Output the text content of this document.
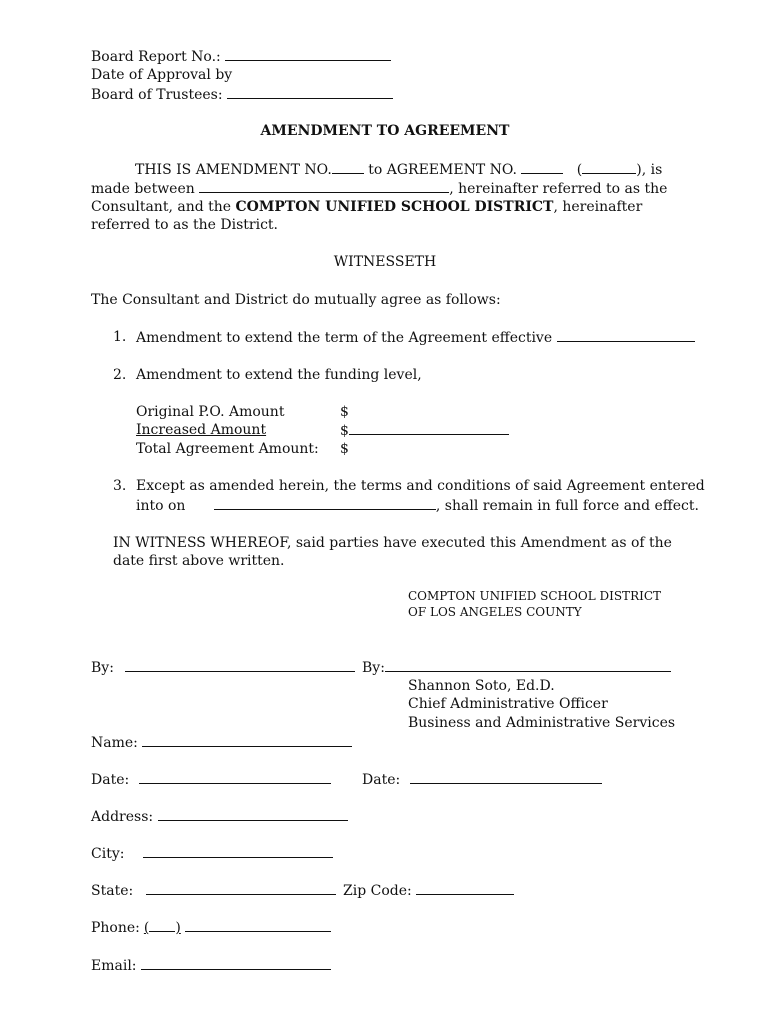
Board Report No.:
Date of Approval by
Board of Trustees:
AMENDMENT TO AGREEMENT
THIS IS AMENDMENT NO.	to AGREEMENT NO.	(	), is
made between	, hereinafter referred to as the
Consultant, and the COMPTON UNIFIED SCHOOL DISTRICT, hereinafter
referred to as the District.
WITNESSETH
The Consultant and District do mutually agree as follows:
1. Amendment to extend the term of the Agreement effective
2. Amendment to extend the funding level,
Original P.O. Amount	$
Increased Amount	$
Total Agreement Amount: $
3. Except as amended herein, the terms and conditions of said Agreement entered
into on	, shall remain in full force and effect.
IN WITNESS WHEREOF, said parties have executed this Amendment as of the
date first above written.
COMPTON UNIFIED SCHOOL DISTRICT
OF LOS ANGELES COUNTY
By:	By:
Shannon Soto, Ed.D.
Chief Administrative Officer
Business and Administrative Services
Name:
Date:	Date:
Address:
City:
State:	Zip Code:
Phone: ( )
Email:
